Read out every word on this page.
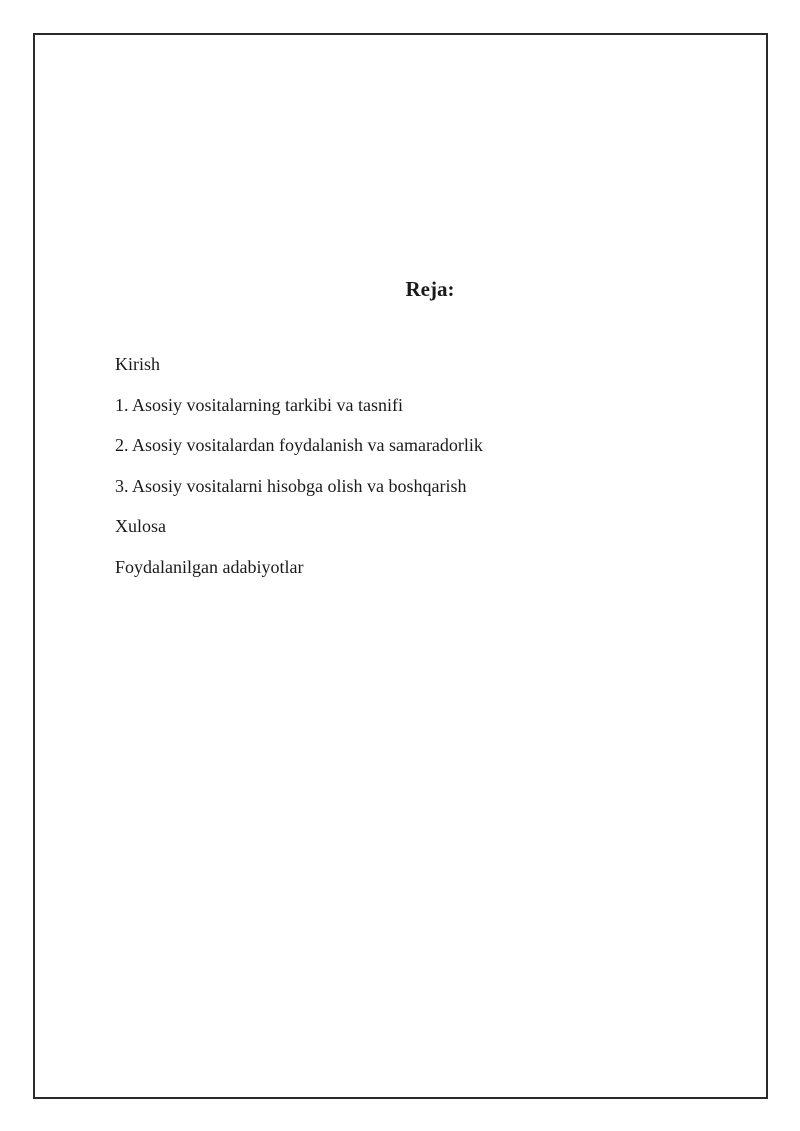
Reja:
Kirish
1. Asosiy vositalarning tarkibi va tasnifi
2. Asosiy vositalardan foydalanish va samaradorlik
3. Asosiy vositalarni hisobga olish va boshqarish
Xulosa
Foydalanilgan adabiyotlar
